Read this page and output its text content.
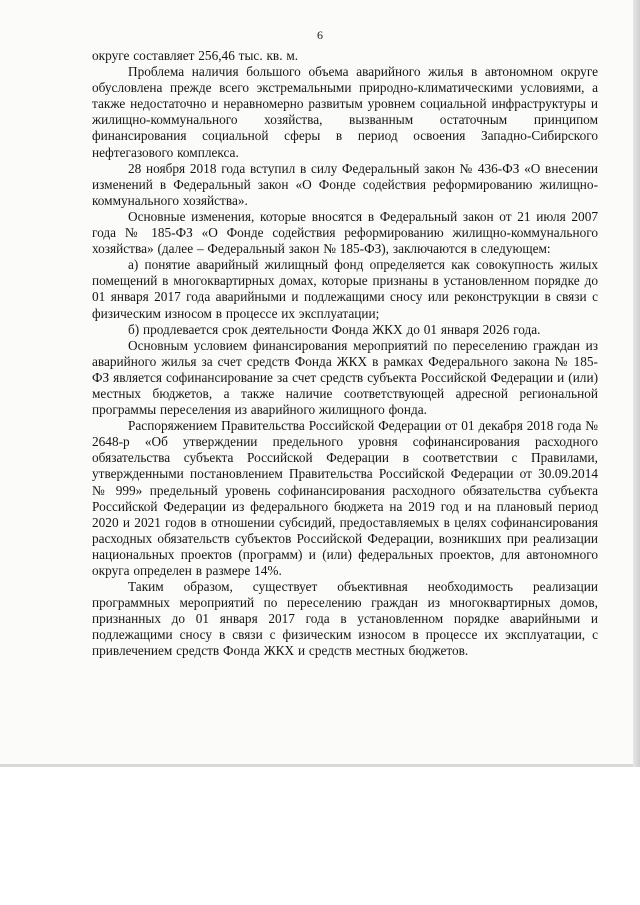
6

округе составляет 256,46 тыс. кв. м.

Проблема наличия большого объема аварийного жилья в автономном округе обусловлена прежде всего экстремальными природно-климатическими условиями, а также недостаточно и неравномерно развитым уровнем социальной инфраструктуры и жилищно-коммунального хозяйства, вызванным остаточным принципом финансирования социальной сферы в период освоения Западно-Сибирского нефтегазового комплекса.

28 ноября 2018 года вступил в силу Федеральный закон № 436-ФЗ «О внесении изменений в Федеральный закон «О Фонде содействия реформированию жилищно-коммунального хозяйства».

Основные изменения, которые вносятся в Федеральный закон от 21 июля 2007 года № 185-ФЗ «О Фонде содействия реформированию жилищно-коммунального хозяйства» (далее – Федеральный закон № 185-ФЗ), заключаются в следующем:

а) понятие аварийный жилищный фонд определяется как совокупность жилых помещений в многоквартирных домах, которые признаны в установленном порядке до 01 января 2017 года аварийными и подлежащими сносу или реконструкции в связи с физическим износом в процессе их эксплуатации;

б) продлевается срок деятельности Фонда ЖКХ до 01 января 2026 года.

Основным условием финансирования мероприятий по переселению граждан из аварийного жилья за счет средств Фонда ЖКХ в рамках Федерального закона № 185-ФЗ является софинансирование за счет средств субъекта Российской Федерации и (или) местных бюджетов, а также наличие соответствующей адресной региональной программы переселения из аварийного жилищного фонда.

Распоряжением Правительства Российской Федерации от 01 декабря 2018 года № 2648-р «Об утверждении предельного уровня софинансирования расходного обязательства субъекта Российской Федерации в соответствии с Правилами, утвержденными постановлением Правительства Российской Федерации от 30.09.2014 № 999» предельный уровень софинансирования расходного обязательства субъекта Российской Федерации из федерального бюджета на 2019 год и на плановый период 2020 и 2021 годов в отношении субсидий, предоставляемых в целях софинансирования расходных обязательств субъектов Российской Федерации, возникших при реализации национальных проектов (программ) и (или) федеральных проектов, для автономного округа определен в размере 14%.

Таким образом, существует объективная необходимость реализации программных мероприятий по переселению граждан из многоквартирных домов, признанных до 01 января 2017 года в установленном порядке аварийными и подлежащими сносу в связи с физическим износом в процессе их эксплуатации, с привлечением средств Фонда ЖКХ и средств местных бюджетов.
